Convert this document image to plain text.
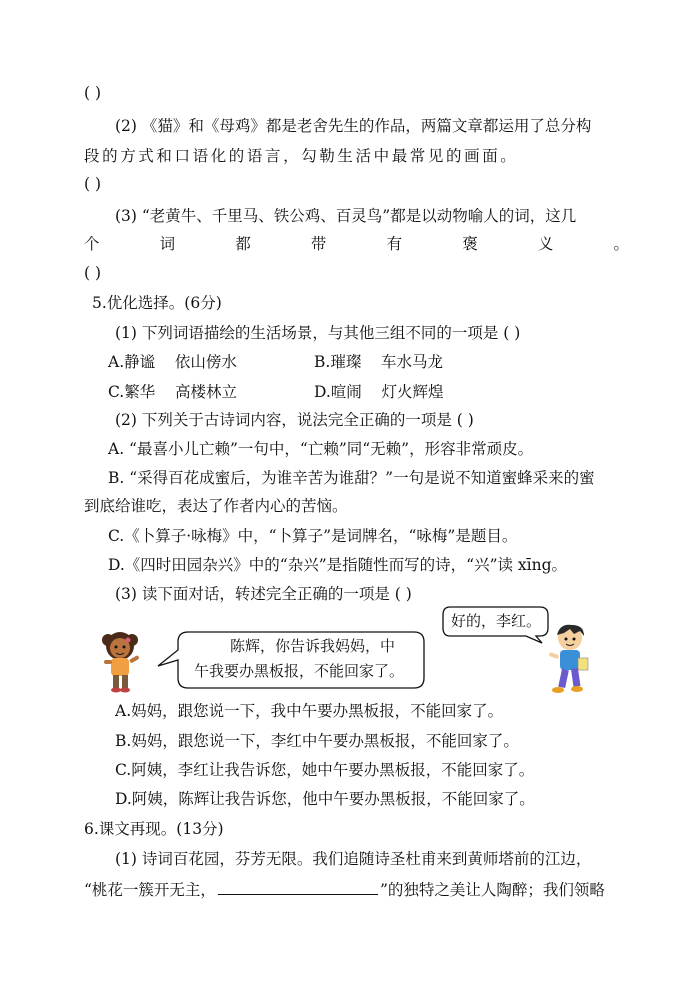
( )
(2) 《猫》和《母鸡》都是老舍先生的作品，两篇文章都运用了总分构
段的方式和口语化的语言，勾勒生活中最常见的画面。
( )
(3) “老黄牛、千里马、铁公鸡、百灵鸟”都是以动物喻人的词，这几
个	词	都	带	有	褒	义	。
( )
5.优化选择。(6分)
(1) 下列词语描绘的生活场景，与其他三组不同的一项是 ( )
A.静谧    依山傍水	B.璀璨    车水马龙
C.繁华    高楼林立	D.喧闹    灯火辉煌
(2) 下列关于古诗词内容，说法完全正确的一项是 ( )
A. “最喜小儿亡赖”一句中，“亡赖”同“无赖”，形容非常顽皮。
B. “采得百花成蜜后，为谁辛苦为谁甜？”一句是说不知道蜜蜂采来的蜜
到底给谁吃，表达了作者内心的苦恼。
C.《卜算子·咏梅》中，“卜算子”是词牌名，“咏梅”是题目。
D.《四时田园杂兴》中的“杂兴”是指随性而写的诗，“兴”读 xīng。
(3) 读下面对话，转述完全正确的一项是 ( )
陈辉，你告诉我妈妈，中
午我要办黑板报，不能回家了。
好的，李红。
A.妈妈，跟您说一下，我中午要办黑板报，不能回家了。
B.妈妈，跟您说一下，李红中午要办黑板报，不能回家了。
C.阿姨，李红让我告诉您，她中午要办黑板报，不能回家了。
D.阿姨，陈辉让我告诉您，他中午要办黑板报，不能回家了。
6.课文再现。(13分)
(1) 诗词百花园，芬芳无限。我们追随诗圣杜甫来到黄师塔前的江边，
“桃花一簇开无主，	”的独特之美让人陶醉；我们领略
